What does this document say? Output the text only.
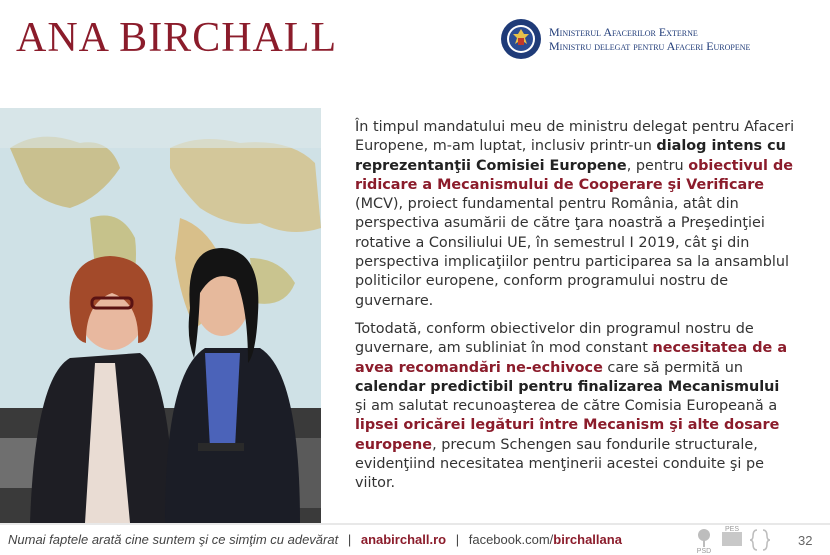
ANA BIRCHALL	Ministerul Afacerilor Externe
Ministru delegat pentru Afaceri Europene

În timpul mandatului meu de ministru delegat pentru Afaceri Europene, m-am luptat, inclusiv printr-un dialog intens cu reprezentanţii Comisiei Europene, pentru obiectivul de ridicare a Mecanismului de Cooperare şi Verificare (MCV), proiect fundamental pentru România, atât din perspectiva asumării de către ţara noastră a Preşedinţiei rotative a Consiliului UE, în semestrul I 2019, cât şi din perspectiva implicaţiilor pentru participarea sa la ansamblul politicilor europene, conform programului nostru de guvernare.

Totodată, conform obiectivelor din programul nostru de guvernare, am subliniat în mod constant necesitatea de a avea recomandări ne-echivoce care să permită un calendar predictibil pentru finalizarea Mecanismului şi am salutat recunoaşterea de către Comisia Europeană a lipsei oricărei legături între Mecanism şi alte dosare europene, precum Schengen sau fondurile structurale, evidenţiind necesitatea menţinerii acestei conduite şi pe viitor.

Numai faptele arată cine suntem şi ce simţim cu adevărat | anabirchall.ro | facebook.com/birchallana
PSD
PES
32
